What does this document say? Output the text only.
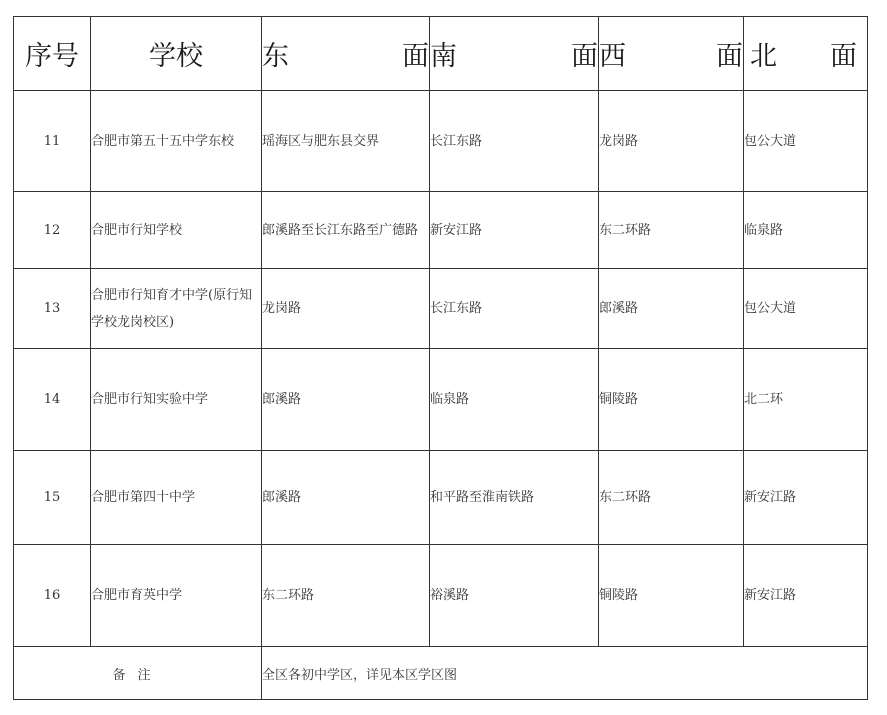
序号	学校	东 面	南 面	西 面	北 面

11	合肥市第五十五中学东校	瑶海区与肥东县交界	长江东路	龙岗路	包公大道
12	合肥市行知学校	郎溪路至长江东路至广德路	新安江路	东二环路	临泉路
13	合肥市行知育才中学(原行知学校龙岗校区)	龙岗路	长江东路	郎溪路	包公大道
14	合肥市行知实验中学	郎溪路	临泉路	铜陵路	北二环
15	合肥市第四十中学	郎溪路	和平路至淮南铁路	东二环路	新安江路
16	合肥市育英中学	东二环路	裕溪路	铜陵路	新安江路
备注		全区各初中学区，详见本区学区图			
